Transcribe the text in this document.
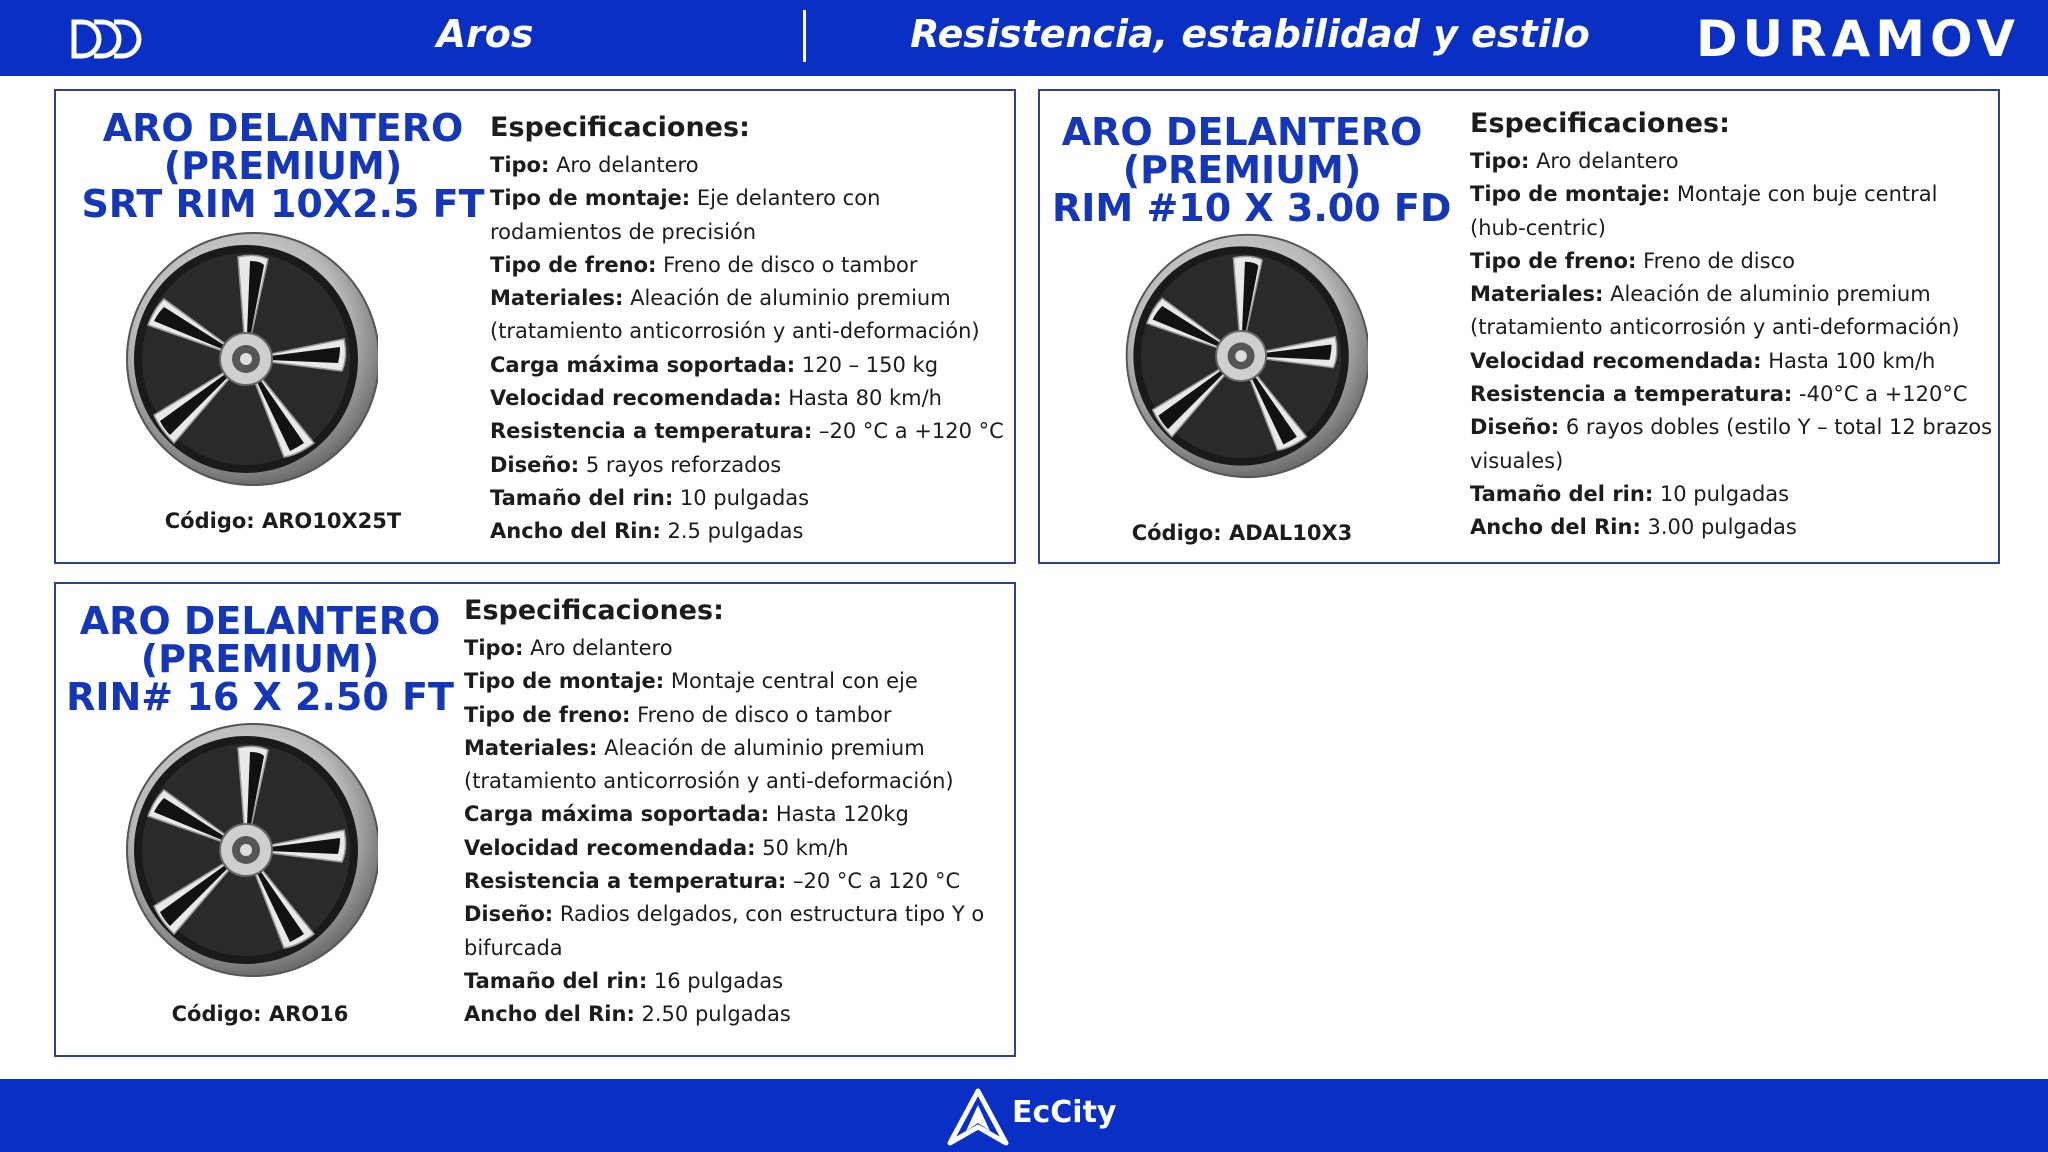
Aros	Resistencia, estabilidad y estilo	DURAMOV
ARO DELANTERO
(PREMIUM)
SRT RIM 10X2.5 FT
Código: ARO10X25T
Especificaciones:
Tipo: Aro delantero
Tipo de montaje: Eje delantero con
rodamientos de precisión
Tipo de freno: Freno de disco o tambor
Materiales: Aleación de aluminio premium
(tratamiento anticorrosión y anti-deformación)
Carga máxima soportada: 120 – 150 kg
Velocidad recomendada: Hasta 80 km/h
Resistencia a temperatura: –20 °C a +120 °C
Diseño: 5 rayos reforzados
Tamaño del rin: 10 pulgadas
Ancho del Rin: 2.5 pulgadas
ARO DELANTERO
(PREMIUM)
RIM #10 X 3.00 FD
Código: ADAL10X3
Especificaciones:
Tipo: Aro delantero
Tipo de montaje: Montaje con buje central
(hub-centric)
Tipo de freno: Freno de disco
Materiales: Aleación de aluminio premium
(tratamiento anticorrosión y anti-deformación)
Velocidad recomendada: Hasta 100 km/h
Resistencia a temperatura: -40°C a +120°C
Diseño: 6 rayos dobles (estilo Y – total 12 brazos
visuales)
Tamaño del rin: 10 pulgadas
Ancho del Rin: 3.00 pulgadas
ARO DELANTERO
(PREMIUM)
RIN# 16 X 2.50 FT
Código: ARO16
Especificaciones:
Tipo: Aro delantero
Tipo de montaje: Montaje central con eje
Tipo de freno: Freno de disco o tambor
Materiales: Aleación de aluminio premium
(tratamiento anticorrosión y anti-deformación)
Carga máxima soportada: Hasta 120kg
Velocidad recomendada: 50 km/h
Resistencia a temperatura: –20 °C a 120 °C
Diseño: Radios delgados, con estructura tipo Y o
bifurcada
Tamaño del rin: 16 pulgadas
Ancho del Rin: 2.50 pulgadas
EcCity
